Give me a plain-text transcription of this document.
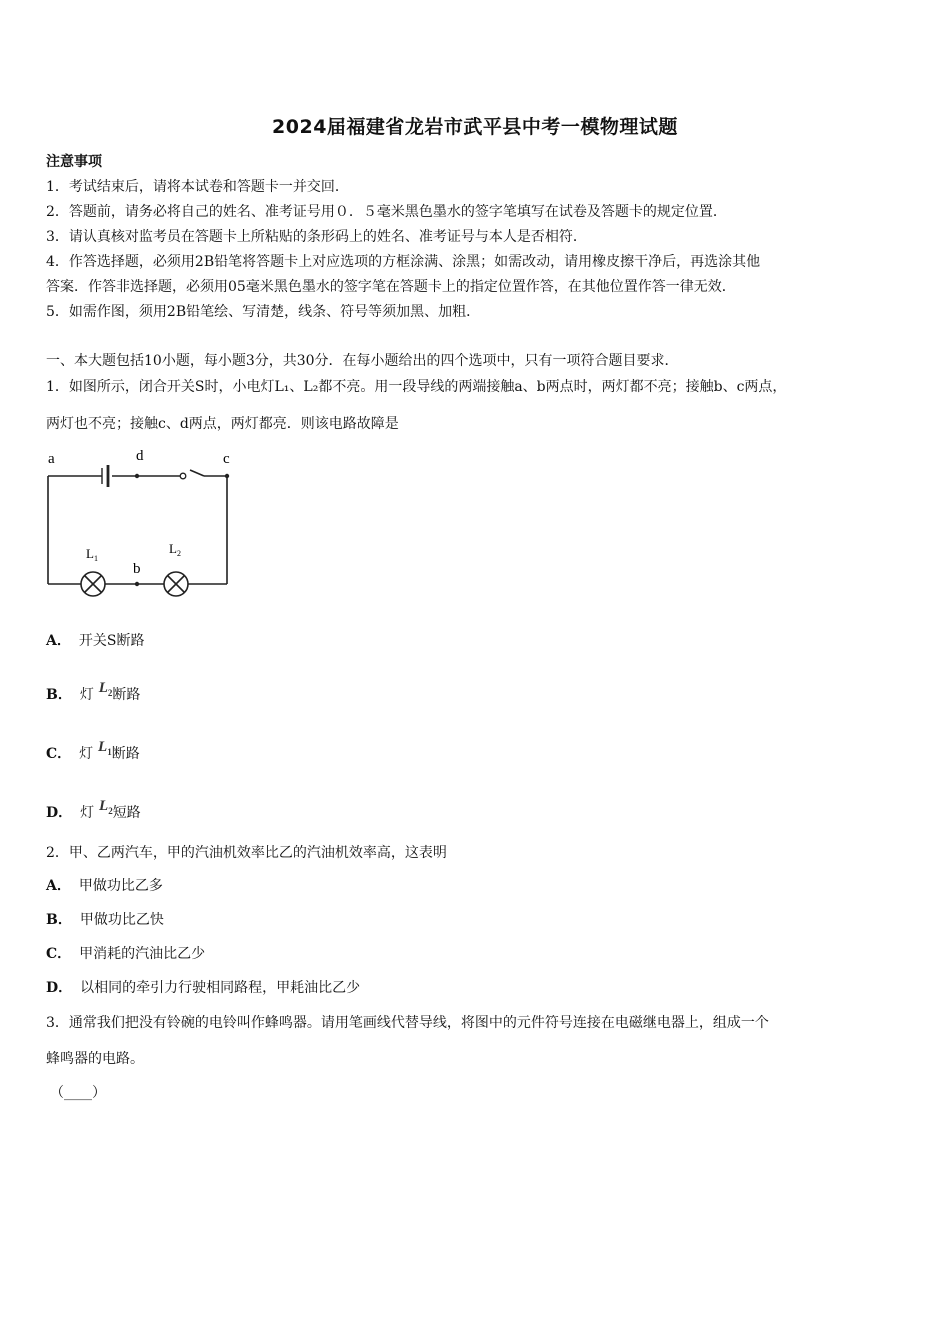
2024届福建省龙岩市武平县中考一模物理试题
注意事项
1．考试结束后，请将本试卷和答题卡一并交回．
2．答题前，请务必将自己的姓名、准考证号用０．５毫米黑色墨水的签字笔填写在试卷及答题卡的规定位置．
3．请认真核对监考员在答题卡上所粘贴的条形码上的姓名、准考证号与本人是否相符．
4．作答选择题，必须用2B铅笔将答题卡上对应选项的方框涂满、涂黑；如需改动，请用橡皮擦干净后，再选涂其他
答案．作答非选择题，必须用05毫米黑色墨水的签字笔在答题卡上的指定位置作答，在其他位置作答一律无效．
5．如需作图，须用2B铅笔绘、写清楚，线条、符号等须加黑、加粗．
一、本大题包括10小题，每小题3分，共30分．在每小题给出的四个选项中，只有一项符合题目要求．
1．如图所示，闭合开关S时，小电灯L₁、L₂都不亮。用一段导线的两端接触a、b两点时，两灯都不亮；接触b、c两点，
两灯也不亮；接触c、d两点，两灯都亮．则该电路故障是
a	d	c
b
$L_1$
$L_2$
A． 开关S断路
B． 灯 $L_2$断路
C． 灯 $L_1$断路
D． 灯 $L_2$短路
2．甲、乙两汽车，甲的汽油机效率比乙的汽油机效率高，这表明
A． 甲做功比乙多
B． 甲做功比乙快
C． 甲消耗的汽油比乙少
D． 以相同的牵引力行驶相同路程，甲耗油比乙少
3．通常我们把没有铃碗的电铃叫作蜂鸣器。请用笔画线代替导线，将图中的元件符号连接在电磁继电器上，组成一个
蜂鸣器的电路。
（____）
